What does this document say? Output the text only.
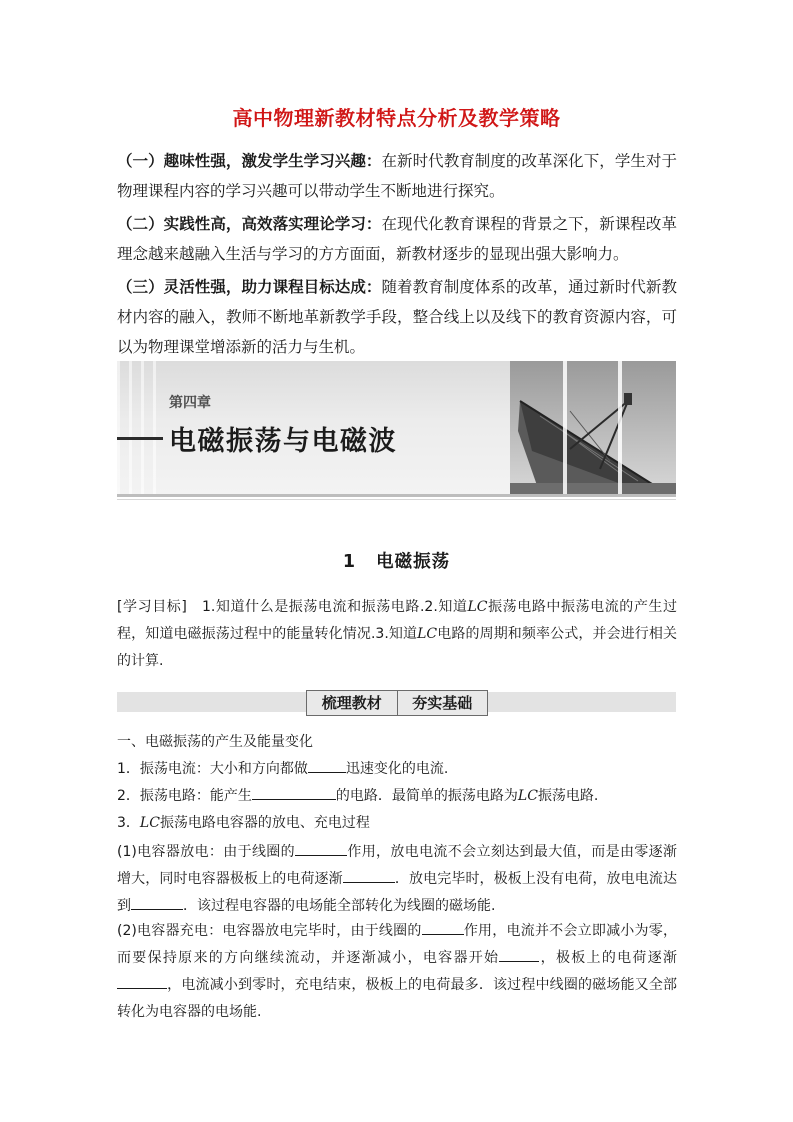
高中物理新教材特点分析及教学策略
（一）趣味性强，激发学生学习兴趣：在新时代教育制度的改革深化下，学生对于物理课程内容的学习兴趣可以带动学生不断地进行探究。
（二）实践性高，高效落实理论学习：在现代化教育课程的背景之下，新课程改革理念越来越融入生活与学习的方方面面，新教材逐步的显现出强大影响力。
（三）灵活性强，助力课程目标达成：随着教育制度体系的改革，通过新时代新教材内容的融入，教师不断地革新教学手段，整合线上以及线下的教育资源内容，可以为物理课堂增添新的活力与生机。
第四章
电磁振荡与电磁波
1 电磁振荡
[学习目标]　 1.知道什么是振荡电流和振荡电路.2.知道LC振荡电路中振荡电流的产生过程，知道电磁振荡过程中的能量转化情况.3.知道LC电路的周期和频率公式，并会进行相关的计算.
梳理教材	夯实基础
一、电磁振荡的产生及能量变化
1．振荡电流：大小和方向都做	迅速变化的电流.
2．振荡电路：能产生	的电路．最简单的振荡电路为LC振荡电路.
3．LC振荡电路电容器的放电、充电过程
(1)电容器放电：由于线圈的	作用，放电电流不会立刻达到最大值，而是由零逐渐增大，同时电容器极板上的电荷逐渐	．放电完毕时，极板上没有电荷，放电电流达到	．该过程电容器的电场能全部转化为线圈的磁场能.
(2)电容器充电：电容器放电完毕时，由于线圈的	作用，电流并不会立即减小为零，而要保持原来的方向继续流动，并逐渐减小，电容器开始	，极板上的电荷逐渐，电流减小到零时，充电结束，极板上的电荷最多．该过程中线圈的磁场能又全部转化为电容器的电场能.
